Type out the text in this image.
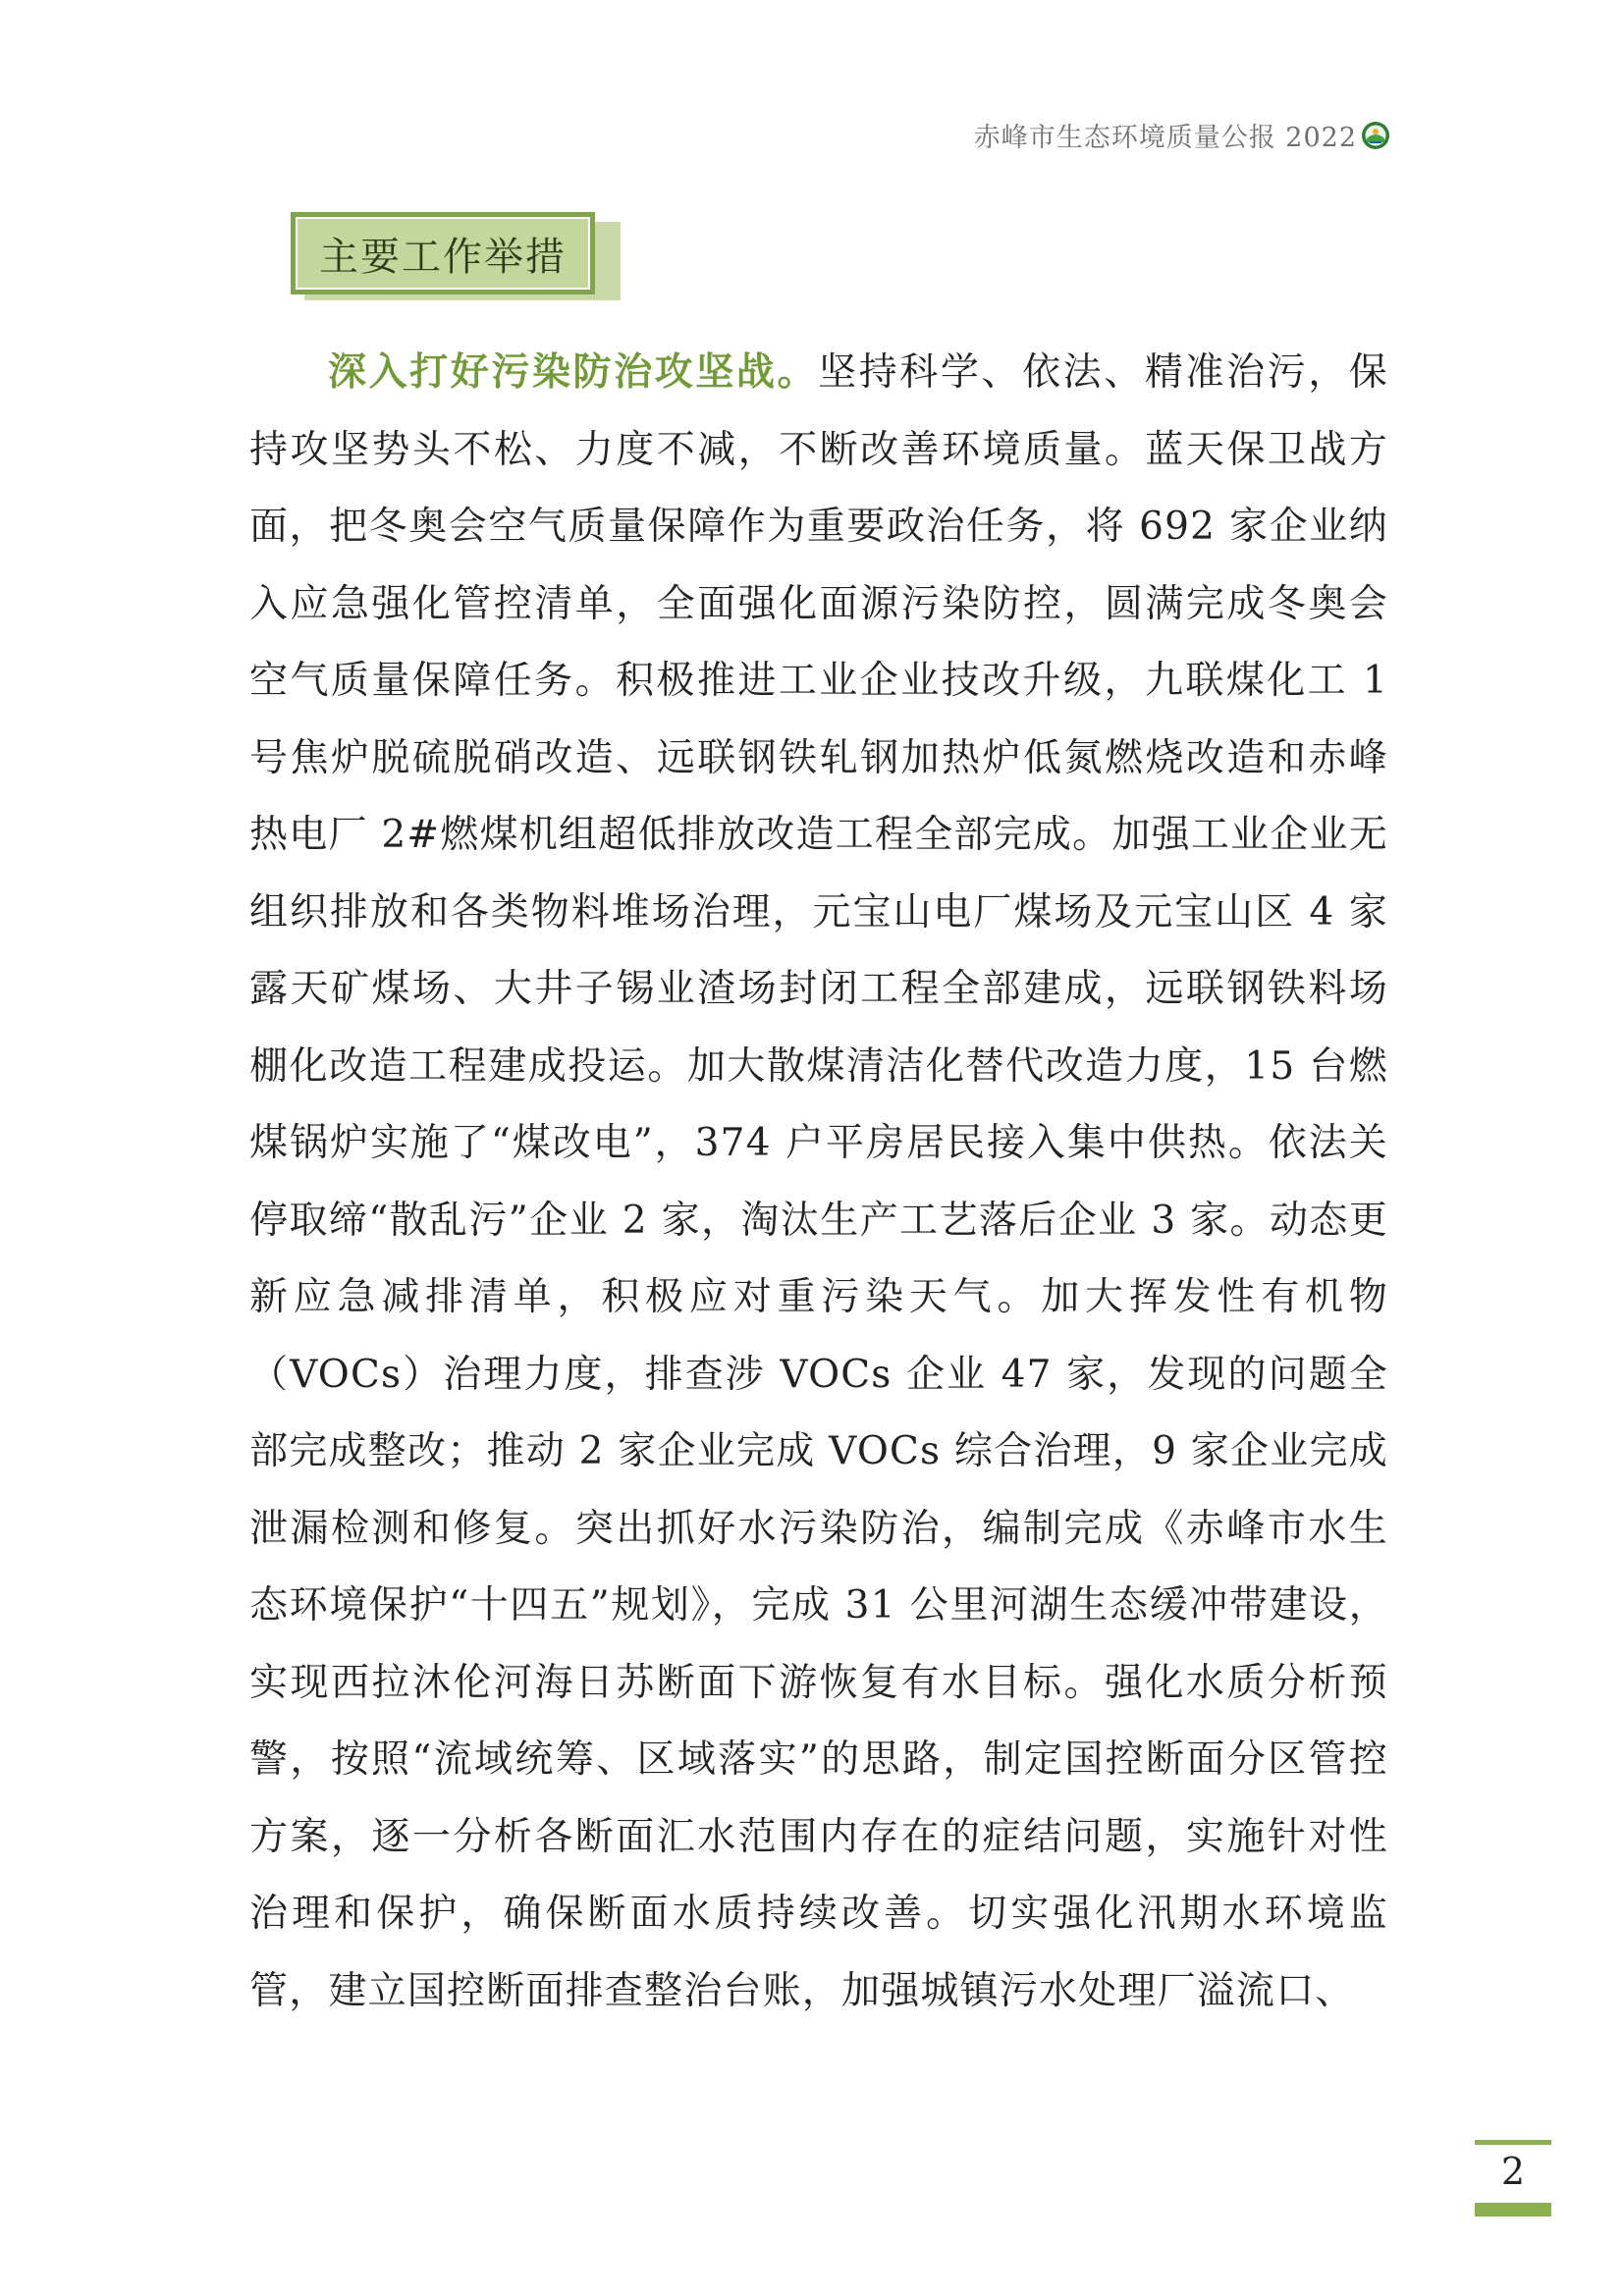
赤峰市生态环境质量公报 2022
主要工作举措

深入打好污染防治攻坚战。坚持科学、依法、精准治污，保持攻坚势头不松、力度不减，不断改善环境质量。蓝天保卫战方面，把冬奥会空气质量保障作为重要政治任务，将 692 家企业纳入应急强化管控清单，全面强化面源污染防控，圆满完成冬奥会空气质量保障任务。积极推进工业企业技改升级，九联煤化工 1 号焦炉脱硫脱硝改造、远联钢铁轧钢加热炉低氮燃烧改造和赤峰热电厂 2#燃煤机组超低排放改造工程全部完成。加强工业企业无组织排放和各类物料堆场治理，元宝山电厂煤场及元宝山区 4 家露天矿煤场、大井子锡业渣场封闭工程全部建成，远联钢铁料场棚化改造工程建成投运。加大散煤清洁化替代改造力度，15 台燃煤锅炉实施了“煤改电”，374 户平房居民接入集中供热。依法关停取缔“散乱污”企业 2 家，淘汰生产工艺落后企业 3 家。动态更新应急减排清单，积极应对重污染天气。加大挥发性有机物（VOCs）治理力度，排查涉 VOCs 企业 47 家，发现的问题全部完成整改；推动 2 家企业完成 VOCs 综合治理，9 家企业完成泄漏检测和修复。突出抓好水污染防治，编制完成《赤峰市水生态环境保护“十四五”规划》，完成 31 公里河湖生态缓冲带建设，实现西拉沐伦河海日苏断面下游恢复有水目标。强化水质分析预警，按照“流域统筹、区域落实”的思路，制定国控断面分区管控方案，逐一分析各断面汇水范围内存在的症结问题，实施针对性治理和保护，确保断面水质持续改善。切实强化汛期水环境监管，建立国控断面排查整治台账，加强城镇污水处理厂溢流口、

2
